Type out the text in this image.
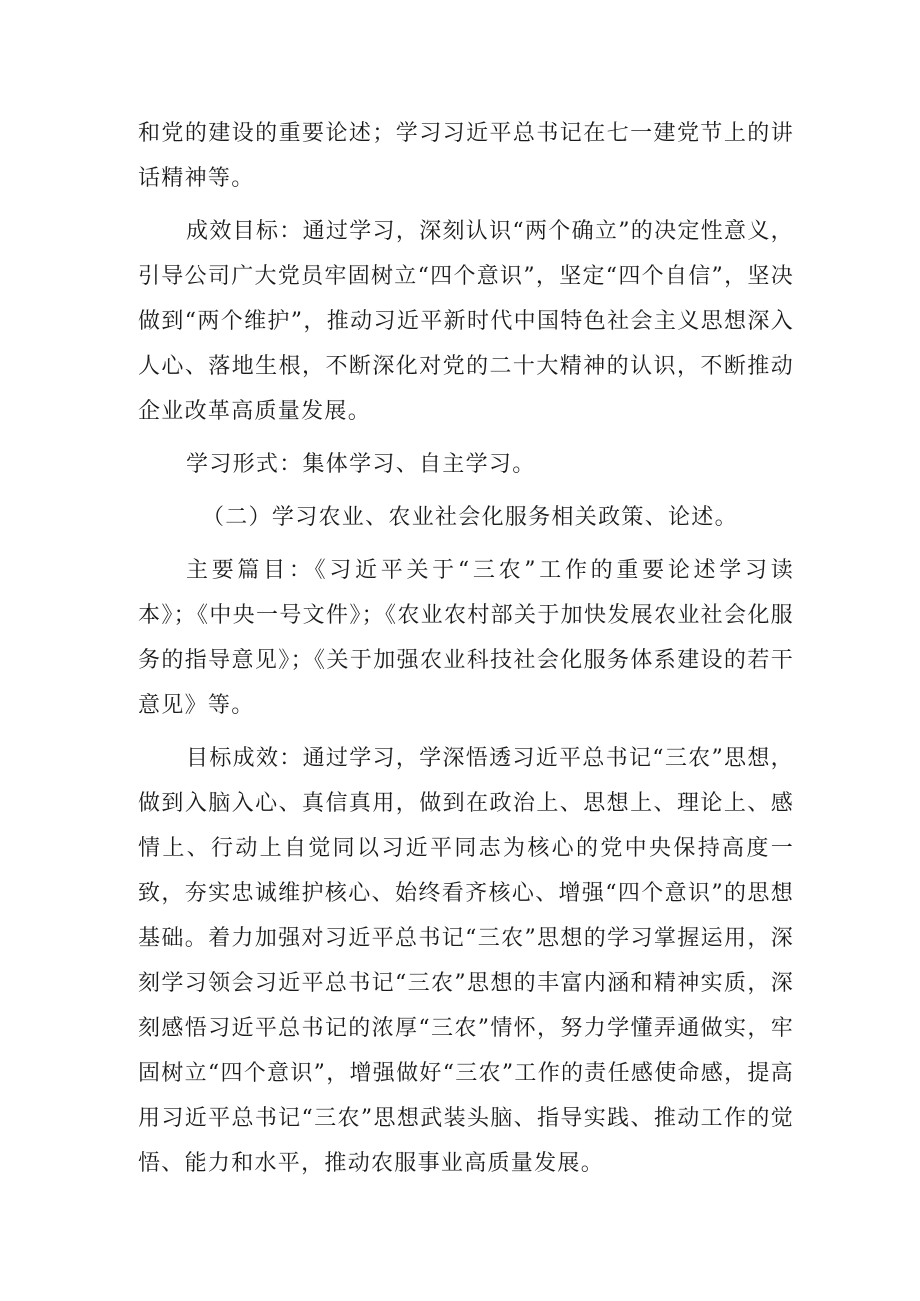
和党的建设的重要论述；学习习近平总书记在七一建党节上的讲话精神等。

成效目标：通过学习，深刻认识“两个确立”的决定性意义，引导公司广大党员牢固树立“四个意识”，坚定“四个自信”，坚决做到“两个维护”，推动习近平新时代中国特色社会主义思想深入人心、落地生根，不断深化对党的二十大精神的认识，不断推动企业改革高质量发展。

学习形式：集体学习、自主学习。

（二）学习农业、农业社会化服务相关政策、论述。

主要篇目：《习近平关于“三农”工作的重要论述学习读本》；《中央一号文件》；《农业农村部关于加快发展农业社会化服务的指导意见》；《关于加强农业科技社会化服务体系建设的若干意见》等。

目标成效：通过学习，学深悟透习近平总书记“三农”思想，做到入脑入心、真信真用，做到在政治上、思想上、理论上、感情上、行动上自觉同以习近平同志为核心的党中央保持高度一致，夯实忠诚维护核心、始终看齐核心、增强“四个意识”的思想基础。着力加强对习近平总书记“三农”思想的学习掌握运用，深刻学习领会习近平总书记“三农”思想的丰富内涵和精神实质，深刻感悟习近平总书记的浓厚“三农”情怀，努力学懂弄通做实，牢固树立“四个意识”，增强做好“三农”工作的责任感使命感，提高用习近平总书记“三农”思想武装头脑、指导实践、推动工作的觉悟、能力和水平，推动农服事业高质量发展。
